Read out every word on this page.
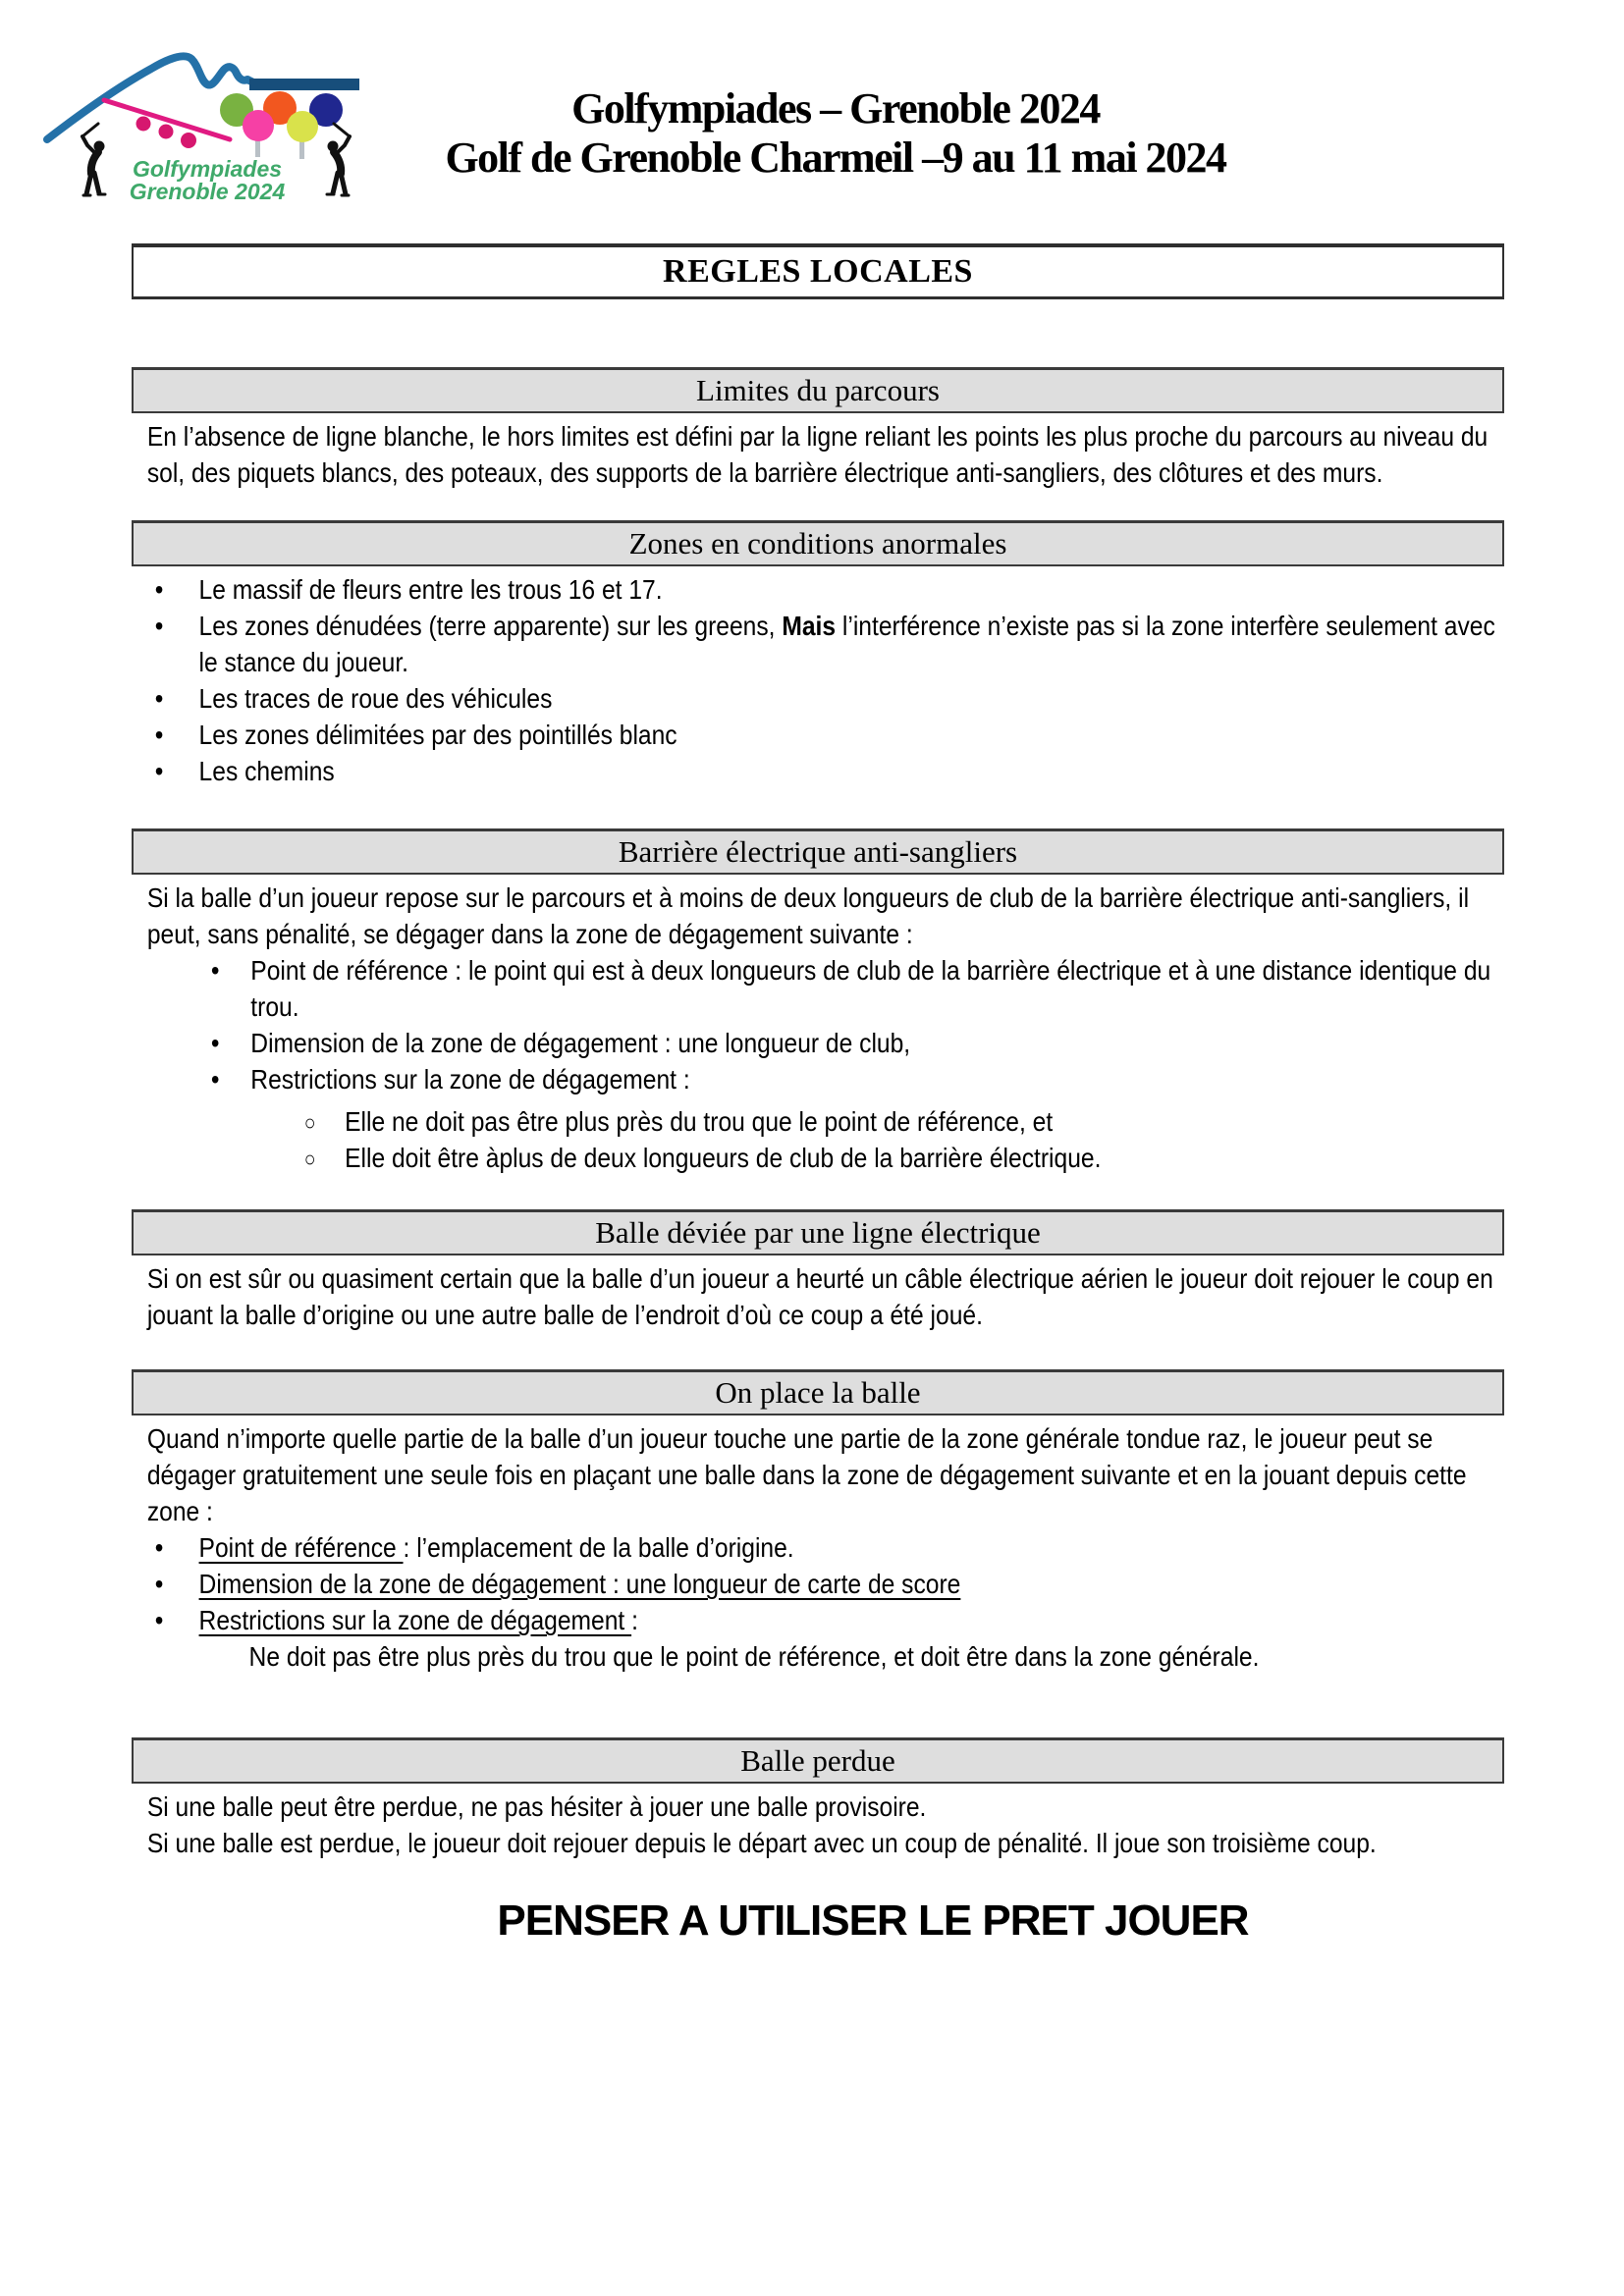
Golfympiades
Grenoble 2024
Golfympiades – Grenoble 2024
Golf de Grenoble Charmeil –9 au 11 mai 2024
REGLES LOCALES
Limites du parcours
En l’absence de ligne blanche, le hors limites est défini par la ligne reliant les points les plus proche du parcours au niveau du sol, des piquets blancs, des poteaux, des supports de la barrière électrique anti-sangliers, des clôtures et des murs.
Zones en conditions anormales
• Le massif de fleurs entre les trous 16 et 17.
• Les zones dénudées (terre apparente) sur les greens, Mais l’interférence n’existe pas si la zone interfère seulement avec le stance du joueur.
• Les traces de roue des véhicules
• Les zones délimitées par des pointillés blanc
• Les chemins
Barrière électrique anti-sangliers
Si la balle d’un joueur repose sur le parcours et à moins de deux longueurs de club de la barrière électrique anti-sangliers, il peut, sans pénalité, se dégager dans la zone de dégagement suivante :
• Point de référence : le point qui est à deux longueurs de club de la barrière électrique et à une distance identique du trou.
• Dimension de la zone de dégagement : une longueur de club,
• Restrictions sur la zone de dégagement :
○ Elle ne doit pas être plus près du trou que le point de référence, et
○ Elle doit être àplus de deux longueurs de club de la barrière électrique.
Balle déviée par une ligne électrique
Si on est sûr ou quasiment certain que la balle d’un joueur a heurté un câble électrique aérien le joueur doit rejouer le coup en jouant la balle d’origine ou une autre balle de l’endroit d’où ce coup a été joué.
On place la balle
Quand n’importe quelle partie de la balle d’un joueur touche une partie de la zone générale tondue raz, le joueur peut se dégager gratuitement une seule fois en plaçant une balle dans la zone de dégagement suivante et en la jouant depuis cette zone :
• Point de référence : l’emplacement de la balle d’origine.
• Dimension de la zone de dégagement : une longueur de carte de score
• Restrictions sur la zone de dégagement :
Ne doit pas être plus près du trou que le point de référence, et doit être dans la zone générale.
Balle perdue
Si une balle peut être perdue, ne pas hésiter à jouer une balle provisoire.
Si une balle est perdue, le joueur doit rejouer depuis le départ avec un coup de pénalité. Il joue son troisième coup.
PENSER A UTILISER LE PRET JOUER
